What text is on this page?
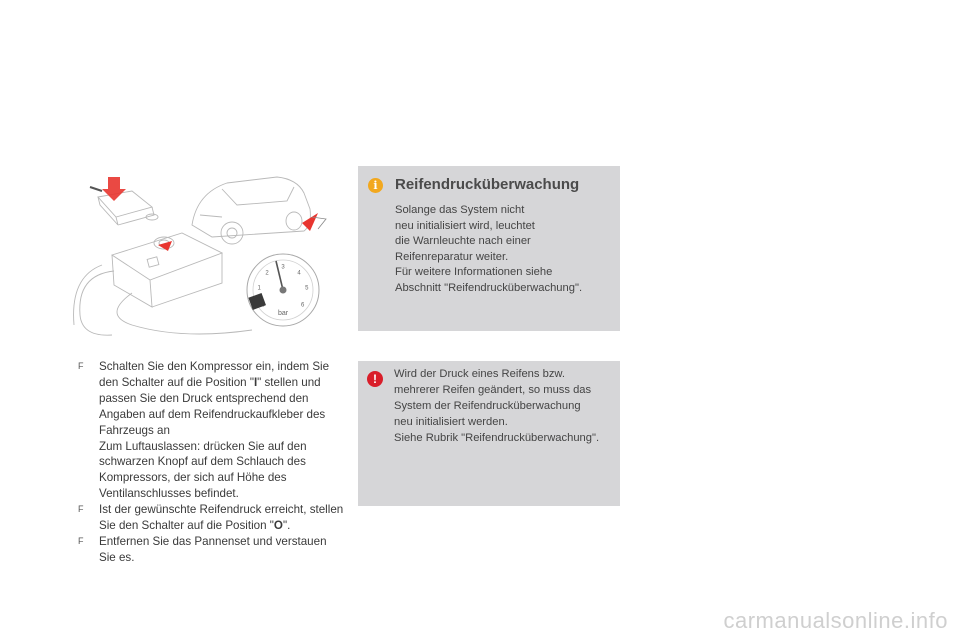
1
2
3
4
5
6
bar
F Schalten Sie den Kompressor ein, indem Sie den Schalter auf die Position "I" stellen und passen Sie den Druck entsprechend den Angaben auf dem Reifendruckaufkleber des Fahrzeugs an
Zum Luftauslassen: drücken Sie auf den schwarzen Knopf auf dem Schlauch des Kompressors, der sich auf Höhe des Ventilanschlusses befindet.
F Ist der gewünschte Reifendruck erreicht, stellen Sie den Schalter auf die Position "O".
F Entfernen Sie das Pannenset und verstauen Sie es.
i	Reifendrucküberwachung
Solange das System nicht
neu initialisiert wird, leuchtet
die Warnleuchte nach einer
Reifenreparatur weiter.
Für weitere Informationen siehe
Abschnitt "Reifendrucküberwachung".
!	Wird der Druck eines Reifens bzw.
mehrerer Reifen geändert, so muss das
System der Reifendrucküberwachung
neu initialisiert werden.
Siehe Rubrik "Reifendrucküberwachung".
carmanualsonline.info
